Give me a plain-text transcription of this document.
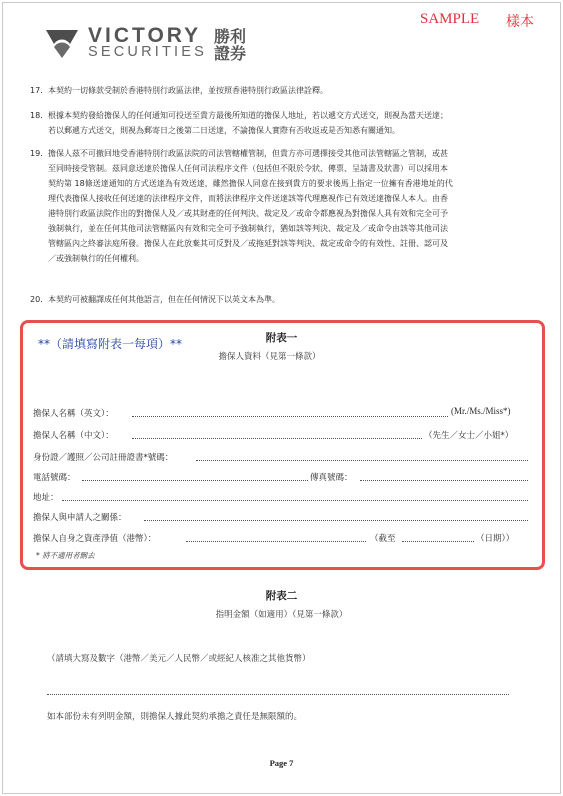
VICTORY
SECURITIES
勝利
證券
SAMPLE 樣本
17. 本契約一切條款受制於香港特別行政區法律，並按照香港特別行政區法律詮釋。
18. 根據本契約發給擔保人的任何通知可投送至貴方最後所知道的擔保人地址，若以遞交方式送交，則視為當天送達；
若以郵遞方式送交，則視為郵寄日之後第二日送達，不論擔保人實際有否收返或是否知悉有關通知。
19. 擔保人茲不可撤回地受香港特別行政區法院的司法管轄權管制，但貴方亦可選擇接受其他司法管轄區之管制，或甚
至同時接受管制。茲同意送達於擔保人任何司法程序文件（包括但不限於令狀、傳票、呈請書及狀書）可以採用本
契約第 18條送達通知的方式送達為有效送達，雖然擔保人同意在接到貴方的要求後馬上指定一位擁有香港地址的代
理代表擔保人接收任何送達的法律程序文件，而將法律程序文件送達該等代理應視作已有效送達擔保人本人。由香
港特別行政區法院作出的對擔保人及／或其財產的任何判決、裁定及／或命令都應視為對擔保人具有效和完全可予
強制執行，並在任何其他司法管轄區內有效和完全可予強制執行，猶如該等判決、裁定及／或命令由該等其他司法
管轄區內之終審法庭所發。擔保人在此放棄其可反對及／或拖延對該等判決、裁定或命令的有效性、註冊、認可及
／或強制執行的任何權利。
20. 本契約可被翻譯成任何其他語言，但在任何情況下以英文本為準。
**（請填寫附表一每項）**	附表一
擔保人資料（見第一條款）
擔保人名稱（英文）：	(Mr./Ms./Miss*)
擔保人名稱（中文）：	（先生／女士／小姐*）
身份證／護照／公司註冊證書*號碼：
電話號碼：	傳真號碼：
地址：
擔保人與申請人之關係：
擔保人自身之資產淨值（港幣）：	（截至	（日期））
* 將不適用者刪去
附表二
指明金額（如適用）（見第一條款）
（請填大寫及數字（港幣／美元／人民幣／或經紀人核准之其他貨幣）
如本部份未有列明金額，則擔保人據此契約承擔之責任是無限額的。
Page 7
